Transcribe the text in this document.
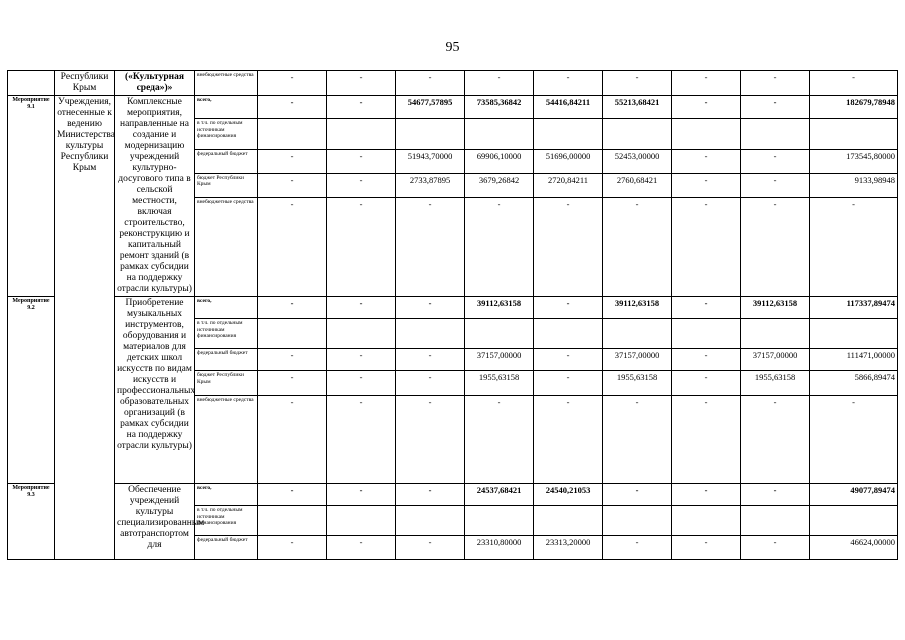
95
	Республики Крым	(«Культурная среда»)»	внебюджетные средства	-	-	-	-	-	-	-	-	-
Мероприятие 9.1	Учреждения, отнесенные к ведению Министерства культуры Республики Крым	Комплексные мероприятия, направленные на создание и модернизацию учреждений культурно-досугового типа в сельской местности, включая строительство, реконструкцию и капитальный ремонт зданий (в рамках субсидии на поддержку отрасли культуры)	всего,	-	-	54677,57895	73585,36842	54416,84211	55213,68421	-	-	182679,78948
			в т.ч. по отдельным источникам финансирования									
			федеральный бюджет	-	-	51943,70000	69906,10000	51696,00000	52453,00000	-	-	173545,80000
			бюджет Республики Крым	-	-	2733,87895	3679,26842	2720,84211	2760,68421	-	-	9133,98948
			внебюджетные средства	-	-	-	-	-	-	-	-	-
Мероприятие 9.2		Приобретение музыкальных инструментов, оборудования и материалов для детских школ искусств по видам искусств и профессиональных образовательных организаций (в рамках субсидии на поддержку отрасли культуры)	всего,	-	-	-	39112,63158	-	39112,63158	-	39112,63158	117337,89474
			в т.ч. по отдельным источникам финансирования									
			федеральный бюджет	-	-	-	37157,00000	-	37157,00000	-	37157,00000	111471,00000
			бюджет Республики Крым	-	-	-	1955,63158	-	1955,63158	-	1955,63158	5866,89474
			внебюджетные средства	-	-	-	-	-	-	-	-	-
Мероприятие 9.3		Обеспечение учреждений культуры специализированным автотранспортом для	всего,	-	-	-	24537,68421	24540,21053	-	-	-	49077,89474
			в т.ч. по отдельным источникам финансирования									
			федеральный бюджет	-	-	-	23310,80000	23313,20000	-	-	-	46624,00000
